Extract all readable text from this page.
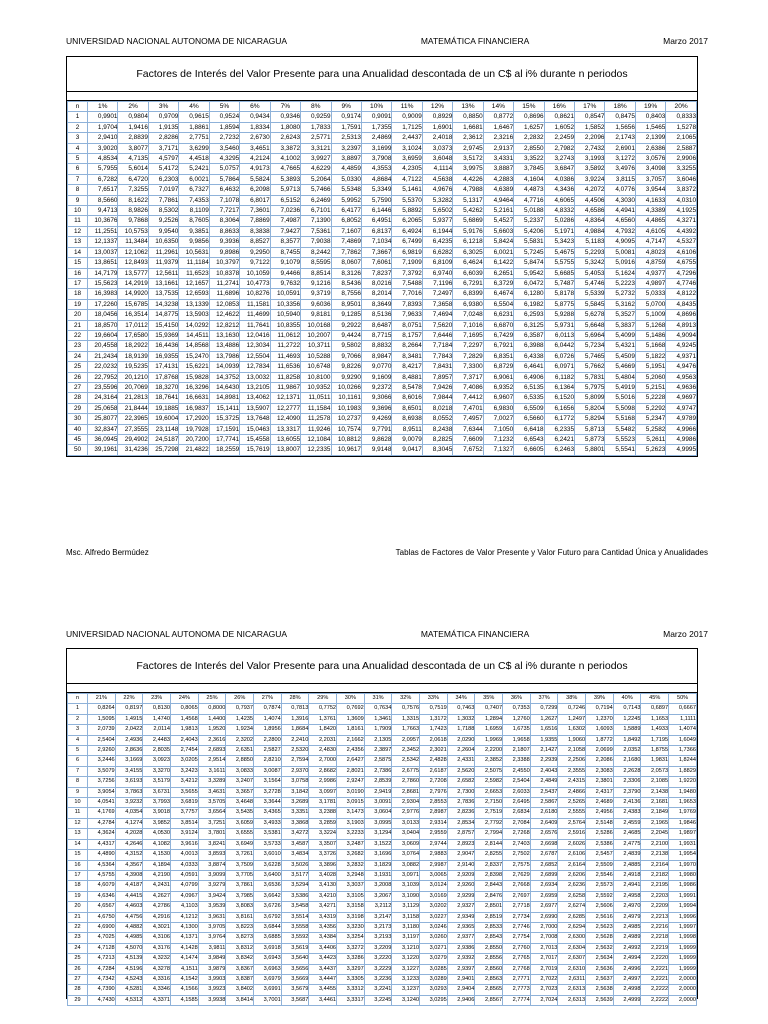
UNIVERSIDAD NACIONAL AUTONOMA DE NICARAGUA	MATEMÁTICA FINANCIERA	Marzo 2017
Factores de Interés del Valor Presente para una Anualidad descontada de un C$ al i% durante n periodos
n	1%	2%	3%	4%	5%	6%	7%	8%	9%	10%	11%	12%	13%	14%	15%	16%	17%	18%	19%	20%
1	0,9901	0,9804	0,9709	0,9615	0,9524	0,9434	0,9346	0,9259	0,9174	0,9091	0,9009	0,8929	0,8850	0,8772	0,8696	0,8621	0,8547	0,8475	0,8403	0,8333
2	1,9704	1,9416	1,9135	1,8861	1,8594	1,8334	1,8080	1,7833	1,7591	1,7355	1,7125	1,6901	1,6681	1,6467	1,6257	1,6052	1,5852	1,5656	1,5465	1,5278
3	2,9410	2,8839	2,8286	2,7751	2,7232	2,6730	2,6243	2,5771	2,5313	2,4869	2,4437	2,4018	2,3612	2,3216	2,2832	2,2459	2,2096	2,1743	2,1399	2,1065
4	3,9020	3,8077	3,7171	3,6299	3,5460	3,4651	3,3872	3,3121	3,2397	3,1699	3,1024	3,0373	2,9745	2,9137	2,8550	2,7982	2,7432	2,6901	2,6386	2,5887
5	4,8534	4,7135	4,5797	4,4518	4,3295	4,2124	4,1002	3,9927	3,8897	3,7908	3,6959	3,6048	3,5172	3,4331	3,3522	3,2743	3,1993	3,1272	3,0576	2,9906
6	5,7955	5,6014	5,4172	5,2421	5,0757	4,9173	4,7665	4,6229	4,4859	4,3553	4,2305	4,1114	3,9975	3,8887	3,7845	3,6847	3,5892	3,4976	3,4098	3,3255
7	6,7282	6,4720	6,2303	6,0021	5,7864	5,5824	5,3893	5,2064	5,0330	4,8684	4,7122	4,5638	4,4226	4,2883	4,1604	4,0386	3,9224	3,8115	3,7057	3,6046
8	7,6517	7,3255	7,0197	6,7327	6,4632	6,2098	5,9713	5,7466	5,5348	5,3349	5,1461	4,9676	4,7988	4,6389	4,4873	4,3436	4,2072	4,0776	3,9544	3,8372
9	8,5660	8,1622	7,7861	7,4353	7,1078	6,8017	6,5152	6,2469	5,9952	5,7590	5,5370	5,3282	5,1317	4,9464	4,7716	4,6065	4,4506	4,3030	4,1633	4,0310
10	9,4713	8,9826	8,5302	8,1109	7,7217	7,3601	7,0236	6,7101	6,4177	6,1446	5,8892	5,6502	5,4262	5,2161	5,0188	4,8332	4,6586	4,4941	4,3389	4,1925
11	10,3676	9,7868	9,2526	8,7605	8,3064	7,8869	7,4987	7,1390	6,8052	6,4951	6,2065	5,9377	5,6869	5,4527	5,2337	5,0286	4,8364	4,6560	4,4865	4,3271
12	11,2551	10,5753	9,9540	9,3851	8,8633	8,3838	7,9427	7,5361	7,1607	6,8137	6,4924	6,1944	5,9176	5,6603	5,4206	5,1971	4,9884	4,7932	4,6105	4,4392
13	12,1337	11,3484	10,6350	9,9856	9,3936	8,8527	8,3577	7,9038	7,4869	7,1034	6,7499	6,4235	6,1218	5,8424	5,5831	5,3423	5,1183	4,9095	4,7147	4,5327
14	13,0037	12,1062	11,2961	10,5631	9,8986	9,2950	8,7455	8,2442	7,7862	7,3667	6,9819	6,6282	6,3025	6,0021	5,7245	5,4675	5,2293	5,0081	4,8023	4,6106
15	13,8651	12,8493	11,9379	11,1184	10,3797	9,7122	9,1079	8,5595	8,0607	7,6061	7,1909	6,8109	6,4624	6,1422	5,8474	5,5755	5,3242	5,0916	4,8759	4,6755
16	14,7179	13,5777	12,5611	11,6523	10,8378	10,1059	9,4466	8,8514	8,3126	7,8237	7,3792	6,9740	6,6039	6,2651	5,9542	5,6685	5,4053	5,1624	4,9377	4,7296
17	15,5623	14,2919	13,1661	12,1657	11,2741	10,4773	9,7632	9,1216	8,5436	8,0216	7,5488	7,1196	6,7291	6,3729	6,0472	5,7487	5,4746	5,2223	4,9897	4,7746
18	16,3983	14,9920	13,7535	12,6593	11,6896	10,8276	10,0591	9,3719	8,7556	8,2014	7,7016	7,2497	6,8399	6,4674	6,1280	5,8178	5,5339	5,2732	5,0333	4,8122
19	17,2260	15,6785	14,3238	13,1339	12,0853	11,1581	10,3356	9,6036	8,9501	8,3649	7,8393	7,3658	6,9380	6,5504	6,1982	5,8775	5,5845	5,3162	5,0700	4,8435
20	18,0456	16,3514	14,8775	13,5903	12,4622	11,4699	10,5940	9,8181	9,1285	8,5136	7,9633	7,4694	7,0248	6,6231	6,2593	5,9288	5,6278	5,3527	5,1009	4,8696
21	18,8570	17,0112	15,4150	14,0292	12,8212	11,7641	10,8355	10,0168	9,2922	8,6487	8,0751	7,5620	7,1016	6,6870	6,3125	5,9731	5,6648	5,3837	5,1268	4,8913
22	19,6604	17,6580	15,9369	14,4511	13,1630	12,0416	11,0612	10,2007	9,4424	8,7715	8,1757	7,6446	7,1695	6,7429	6,3587	6,0113	5,6964	5,4099	5,1486	4,9094
23	20,4558	18,2922	16,4436	14,8568	13,4886	12,3034	11,2722	10,3711	9,5802	8,8832	8,2664	7,7184	7,2297	6,7921	6,3988	6,0442	5,7234	5,4321	5,1668	4,9245
24	21,2434	18,9139	16,9355	15,2470	13,7986	12,5504	11,4693	10,5288	9,7066	8,9847	8,3481	7,7843	7,2829	6,8351	6,4338	6,0726	5,7465	5,4509	5,1822	4,9371
25	22,0232	19,5235	17,4131	15,6221	14,0939	12,7834	11,6536	10,6748	9,8226	9,0770	8,4217	7,8431	7,3300	6,8729	6,4641	6,0971	5,7662	5,4669	5,1951	4,9476
26	22,7952	20,1210	17,8768	15,9828	14,3752	13,0032	11,8258	10,8100	9,9290	9,1609	8,4881	7,8957	7,3717	6,9061	6,4906	6,1182	5,7831	5,4804	5,2060	4,9563
27	23,5596	20,7069	18,3270	16,3296	14,6430	13,2105	11,9867	10,9352	10,0266	9,2372	8,5478	7,9426	7,4086	6,9352	6,5135	6,1364	5,7975	5,4919	5,2151	4,9636
28	24,3164	21,2813	18,7641	16,6631	14,8981	13,4062	12,1371	11,0511	10,1161	9,3066	8,6016	7,9844	7,4412	6,9607	6,5335	6,1520	5,8099	5,5016	5,2228	4,9697
29	25,0658	21,8444	19,1885	16,9837	15,1411	13,5907	12,2777	11,1584	10,1983	9,3696	8,6501	8,0218	7,4701	6,9830	6,5509	6,1656	5,8204	5,5098	5,2292	4,9747
30	25,8077	22,3965	19,6004	17,2920	15,3725	13,7648	12,4090	11,2578	10,2737	9,4269	8,6938	8,0552	7,4957	7,0027	6,5660	6,1772	5,8294	5,5168	5,2347	4,9789
40	32,8347	27,3555	23,1148	19,7928	17,1591	15,0463	13,3317	11,9246	10,7574	9,7791	8,9511	8,2438	7,6344	7,1050	6,6418	6,2335	5,8713	5,5482	5,2582	4,9966
45	36,0945	29,4902	24,5187	20,7200	17,7741	15,4558	13,6055	12,1084	10,8812	9,8628	9,0079	8,2825	7,6609	7,1232	6,6543	6,2421	5,8773	5,5523	5,2611	4,9986
50	39,1961	31,4236	25,7298	21,4822	18,2559	15,7619	13,8007	12,2335	10,9617	9,9148	9,0417	8,3045	7,6752	7,1327	6,6605	6,2463	5,8801	5,5541	5,2623	4,9995
Msc. Alfredo Bermúdez	Tablas de Factores de Valor Presente y Valor Futuro para Cantidad Única y Anualidades
UNIVERSIDAD NACIONAL AUTONOMA DE NICARAGUA	MATEMÁTICA FINANCIERA	Marzo 2017
Factores de Interés del Valor Presente para una Anualidad descontada de un C$ al i% durante n periodos
n	21%	22%	23%	24%	25%	26%	27%	28%	29%	30%	31%	32%	33%	34%	35%	36%	37%	38%	39%	40%	45%	50%
1	0,8264	0,8197	0,8130	0,8065	0,8000	0,7937	0,7874	0,7813	0,7752	0,7692	0,7634	0,7576	0,7519	0,7463	0,7407	0,7353	0,7299	0,7246	0,7194	0,7143	0,6897	0,6667
2	1,5095	1,4915	1,4740	1,4568	1,4400	1,4235	1,4074	1,3916	1,3761	1,3609	1,3461	1,3315	1,3172	1,3032	1,2894	1,2760	1,2627	1,2497	1,2370	1,2245	1,1653	1,1111
3	2,0739	2,0422	2,0114	1,9813	1,9520	1,9234	1,8956	1,8684	1,8420	1,8161	1,7909	1,7663	1,7423	1,7188	1,6959	1,6735	1,6516	1,6302	1,6093	1,5889	1,4933	1,4074
4	2,5404	2,4936	2,4483	2,4043	2,3616	2,3202	2,2800	2,2410	2,2031	2,1662	2,1305	2,0957	2,0618	2,0290	1,9969	1,9658	1,9355	1,9060	1,8772	1,8492	1,7195	1,6049
5	2,9260	2,8636	2,8035	2,7454	2,6893	2,6351	2,5827	2,5320	2,4830	2,4356	2,3897	2,3452	2,3021	2,2604	2,2200	2,1807	2,1427	2,1058	2,0699	2,0352	1,8755	1,7366
6	3,2446	3,1669	3,0923	3,0205	2,9514	2,8850	2,8210	2,7594	2,7000	2,6427	2,5875	2,5342	2,4828	2,4331	2,3852	2,3388	2,2939	2,2506	2,2086	2,1680	1,9831	1,8244
7	3,5079	3,4155	3,3270	3,2423	3,1611	3,0833	3,0087	2,9370	2,8682	2,8021	2,7386	2,6775	2,6187	2,5620	2,5075	2,4550	2,4043	2,3555	2,3083	2,2628	2,0573	1,8829
8	3,7256	3,6193	3,5179	3,4212	3,3289	3,2407	3,1564	3,0758	2,9986	2,9247	2,8539	2,7860	2,7208	2,6582	2,5982	2,5404	2,4849	2,4315	2,3801	2,3306	2,1085	1,9220
9	3,9054	3,7863	3,6731	3,5655	3,4631	3,3657	3,2728	3,1842	3,0997	3,0190	2,9419	2,8681	2,7976	2,7300	2,6653	2,6033	2,5437	2,4866	2,4317	2,3790	2,1438	1,9480
10	4,0541	3,9232	3,7993	3,6819	3,5705	3,4648	3,3644	3,2689	3,1781	3,0915	3,0091	2,9304	2,8553	2,7836	2,7150	2,6495	2,5867	2,5265	2,4689	2,4136	2,1681	1,9653
11	4,1769	4,0354	3,9018	3,7757	3,6564	3,5435	3,4365	3,3351	3,2388	3,1473	3,0604	2,9776	2,8987	2,8236	2,7519	2,6834	2,6180	2,5555	2,4956	2,4383	2,1849	1,9769
12	4,2784	4,1274	3,9852	3,8514	3,7251	3,6059	3,4933	3,3868	3,2859	3,1903	3,0995	3,0133	2,9314	2,8534	2,7792	2,7084	2,6409	2,5764	2,5148	2,4559	2,1965	1,9846
13	4,3624	4,2028	4,0530	3,9124	3,7801	3,6555	3,5381	3,4272	3,3224	3,2233	3,1294	3,0404	2,9559	2,8757	2,7994	2,7268	2,6576	2,5916	2,5286	2,4685	2,2045	1,9897
14	4,4317	4,2646	4,1082	3,9616	3,8241	3,6949	3,5733	3,4587	3,3507	3,2487	3,1522	3,0609	2,9744	2,8923	2,8144	2,7403	2,6698	2,6026	2,5386	2,4775	2,2100	1,9931
15	4,4890	4,3152	4,1530	4,0013	3,8593	3,7261	3,6010	3,4834	3,3726	3,2682	3,1696	3,0764	2,9883	2,9047	2,8255	2,7502	2,6787	2,6106	2,5457	2,4839	2,2138	1,9954
16	4,5364	4,3567	4,1894	4,0333	3,8874	3,7509	3,6228	3,5026	3,3896	3,2832	3,1829	3,0882	2,9987	2,9140	2,8337	2,7575	2,6852	2,6164	2,5509	2,4885	2,2164	1,9970
17	4,5755	4,3908	4,2190	4,0591	3,9099	3,7705	3,6400	3,5177	3,4028	3,2948	3,1931	3,0971	3,0065	2,9209	2,8398	2,7629	2,6899	2,6206	2,5546	2,4918	2,2182	1,9980
18	4,6079	4,4187	4,2431	4,0799	3,9279	3,7861	3,6536	3,5294	3,4130	3,3037	3,2008	3,1039	3,0124	2,9260	2,8443	2,7668	2,6934	2,6236	2,5573	2,4941	2,2195	1,9986
19	4,6346	4,4415	4,2627	4,0967	3,9424	3,7985	3,6642	3,5386	3,4210	3,3105	3,2067	3,1090	3,0169	2,9299	2,8476	2,7697	2,6959	2,6258	2,5592	2,4958	2,2203	1,9991
20	4,6567	4,4603	4,2786	4,1103	3,9539	3,8083	3,6726	3,5458	3,4271	3,3158	3,2112	3,1129	3,0202	2,9327	2,8501	2,7718	2,6977	2,6274	2,5606	2,4970	2,2209	1,9994
21	4,6750	4,4756	4,2916	4,1212	3,9631	3,8161	3,6792	3,5514	3,4319	3,3198	3,2147	3,1158	3,0227	2,9349	2,8519	2,7734	2,6990	2,6285	2,5616	2,4979	2,2213	1,9996
22	4,6900	4,4882	4,3021	4,1300	3,9705	3,8223	3,6844	3,5558	3,4356	3,3230	3,2173	3,1180	3,0246	2,9365	2,8533	2,7746	2,7000	2,6294	2,5623	2,4985	2,2216	1,9997
23	4,7025	4,4985	4,3106	4,1371	3,9764	3,8273	3,6885	3,5592	3,4384	3,3254	3,2193	3,1197	3,0260	2,9377	2,8543	2,7754	2,7008	2,6300	2,5628	2,4989	2,2218	1,9998
24	4,7128	4,5070	4,3176	4,1428	3,9811	3,8312	3,6918	3,5619	3,4406	3,3272	3,2209	3,1210	3,0271	2,9386	2,8550	2,7760	2,7013	2,6304	2,5632	2,4992	2,2219	1,9999
25	4,7213	4,5139	4,3232	4,1474	3,9849	3,8342	3,6943	3,5640	3,4423	3,3286	3,2220	3,1220	3,0279	2,9392	2,8556	2,7765	2,7017	2,6307	2,5634	2,4994	2,2220	1,9999
26	4,7284	4,5196	4,3278	4,1511	3,9879	3,8367	3,6963	3,5656	3,4437	3,3297	3,2229	3,1227	3,0285	2,9397	2,8560	2,7768	2,7019	2,6310	2,5636	2,4996	2,2221	1,9999
27	4,7342	4,5243	4,3316	4,1542	3,9903	3,8387	3,6979	3,5669	3,4447	3,3305	3,2236	3,1233	3,0289	2,9401	2,8563	2,7771	2,7022	2,6311	2,5637	2,4997	2,2221	2,0000
28	4,7390	4,5281	4,3346	4,1566	3,9923	3,8402	3,6991	3,5679	3,4455	3,3312	3,2241	3,1237	3,0293	2,9404	2,8565	2,7773	2,7023	2,6313	2,5638	2,4998	2,2222	2,0000
29	4,7430	4,5312	4,3371	4,1585	3,9938	3,8414	3,7001	3,5687	3,4461	3,3317	3,2245	3,1240	3,0295	2,9406	2,8567	2,7774	2,7024	2,6313	2,5639	2,4999	2,2222	2,0000
